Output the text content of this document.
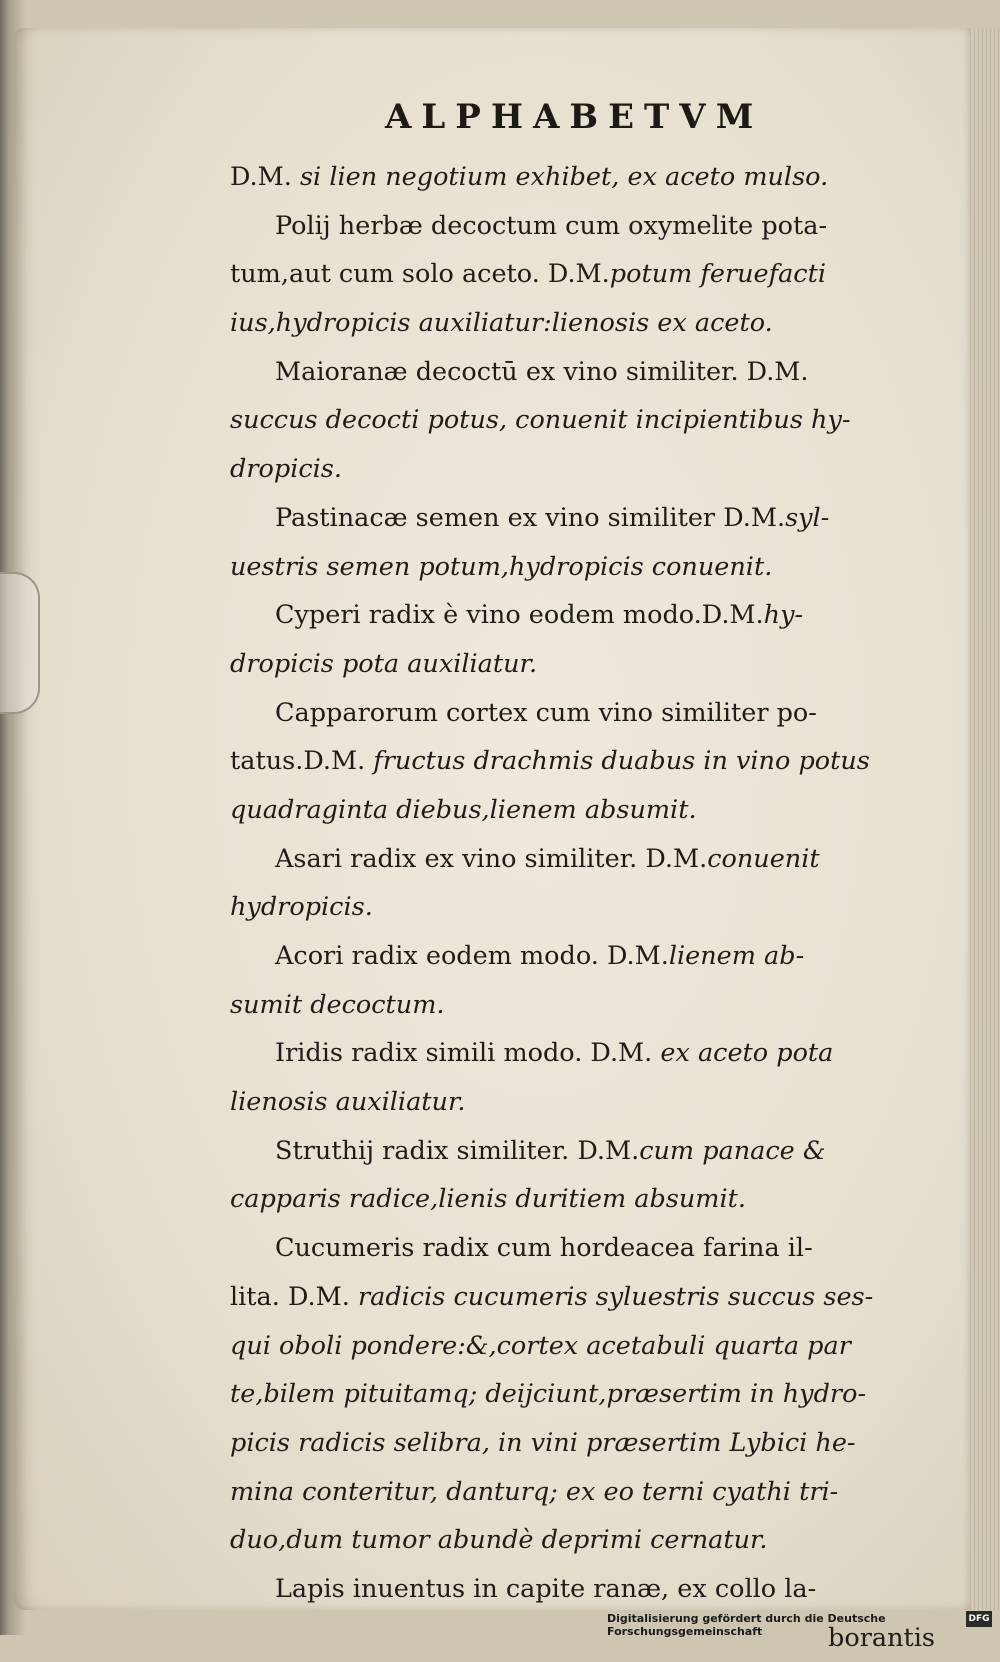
ALPHABETVM
D.M. si lien negotium exhibet, ex aceto mulso.
Polij herbæ decoctum cum oxymelite pota-
tum,aut cum solo aceto. D.M.potum feruefacti
ius,hydropicis auxiliatur:lienosis ex aceto.
Maioranæ decoctū ex vino similiter. D.M.
succus decocti potus, conuenit incipientibus hy-
dropicis.
Pastinacæ semen ex vino similiter D.M.syl-
uestris semen potum,hydropicis conuenit.
Cyperi radix è vino eodem modo.D.M.hy-
dropicis pota auxiliatur.
Capparorum cortex cum vino similiter po-
tatus.D.M. fructus drachmis duabus in vino potus
quadraginta diebus,lienem absumit.
Asari radix ex vino similiter. D.M.conuenit
hydropicis.
Acori radix eodem modo. D.M.lienem ab-
sumit decoctum.
Iridis radix simili modo. D.M. ex aceto pota
lienosis auxiliatur.
Struthij radix similiter. D.M.cum panace &
capparis radice,lienis duritiem absumit.
Cucumeris radix cum hordeacea farina il-
lita. D.M. radicis cucumeris syluestris succus ses-
qui oboli pondere:&,cortex acetabuli quarta par
te,bilem pituitamq; deijciunt,præsertim in hydro-
picis radicis selibra, in vini præsertim Lybici he-
mina conteritur, danturq; ex eo terni cyathi tri-
duo,dum tumor abundè deprimi cernatur.
Lapis inuentus in capite ranæ, ex collo la-
borantis
Digitalisierung gefördert durch die Deutsche Forschungsgemeinschaft
DFG
